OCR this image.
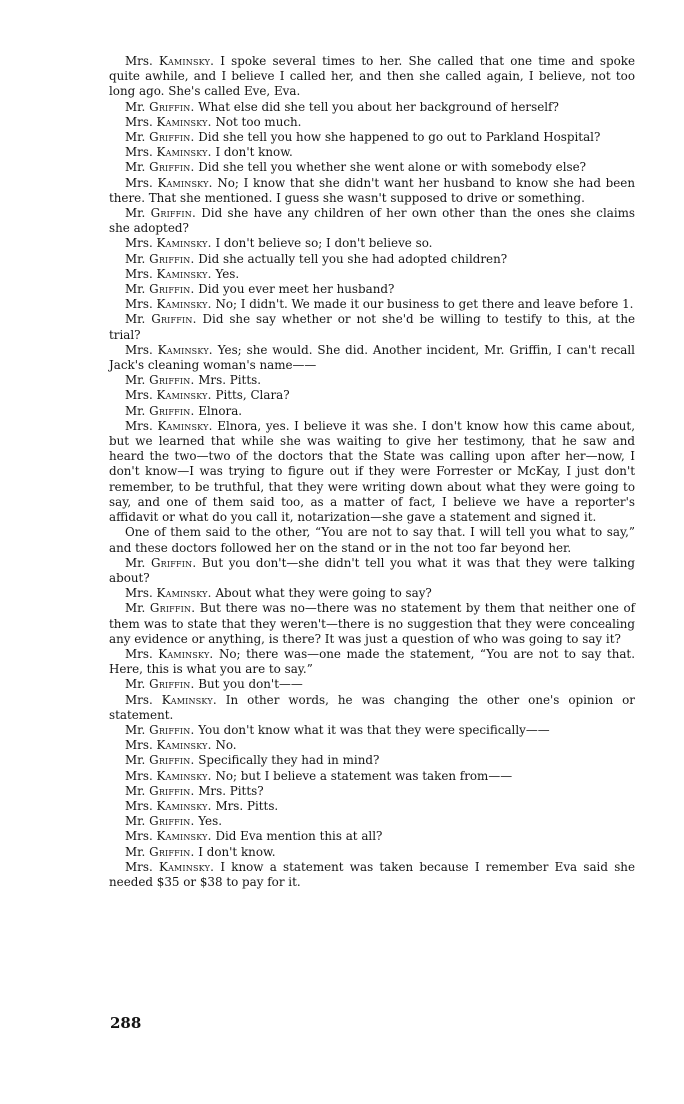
Mrs. Kaminsky. I spoke several times to her. She called that one time and spoke quite awhile, and I believe I called her, and then she called again, I believe, not too long ago. She's called Eve, Eva.

Mr. Griffin. What else did she tell you about her background of herself?

Mrs. Kaminsky. Not too much.

Mr. Griffin. Did she tell you how she happened to go out to Parkland Hospital?

Mrs. Kaminsky. I don't know.

Mr. Griffin. Did she tell you whether she went alone or with somebody else?

Mrs. Kaminsky. No; I know that she didn't want her husband to know she had been there. That she mentioned. I guess she wasn't supposed to drive or something.

Mr. Griffin. Did she have any children of her own other than the ones she claims she adopted?

Mrs. Kaminsky. I don't believe so; I don't believe so.

Mr. Griffin. Did she actually tell you she had adopted children?

Mrs. Kaminsky. Yes.

Mr. Griffin. Did you ever meet her husband?

Mrs. Kaminsky. No; I didn't. We made it our business to get there and leave before 1.

Mr. Griffin. Did she say whether or not she'd be willing to testify to this, at the trial?

Mrs. Kaminsky. Yes; she would. She did. Another incident, Mr. Griffin, I can't recall Jack's cleaning woman's name——

Mr. Griffin. Mrs. Pitts.

Mrs. Kaminsky. Pitts, Clara?

Mr. Griffin. Elnora.

Mrs. Kaminsky. Elnora, yes. I believe it was she. I don't know how this came about, but we learned that while she was waiting to give her testimony, that he saw and heard the two—two of the doctors that the State was calling upon after her—now, I don't know—I was trying to figure out if they were Forrester or McKay, I just don't remember, to be truthful, that they were writing down about what they were going to say, and one of them said too, as a matter of fact, I believe we have a reporter's affidavit or what do you call it, notarization—she gave a statement and signed it.

One of them said to the other, “You are not to say that. I will tell you what to say,” and these doctors followed her on the stand or in the not too far beyond her.

Mr. Griffin. But you don't—she didn't tell you what it was that they were talking about?

Mrs. Kaminsky. About what they were going to say?

Mr. Griffin. But there was no—there was no statement by them that neither one of them was to state that they weren't—there is no suggestion that they were concealing any evidence or anything, is there? It was just a question of who was going to say it?

Mrs. Kaminsky. No; there was—one made the statement, “You are not to say that. Here, this is what you are to say.”

Mr. Griffin. But you don't——

Mrs. Kaminsky. In other words, he was changing the other one's opinion or statement.

Mr. Griffin. You don't know what it was that they were specifically——

Mrs. Kaminsky. No.

Mr. Griffin. Specifically they had in mind?

Mrs. Kaminsky. No; but I believe a statement was taken from——

Mr. Griffin. Mrs. Pitts?

Mrs. Kaminsky. Mrs. Pitts.

Mr. Griffin. Yes.

Mrs. Kaminsky. Did Eva mention this at all?

Mr. Griffin. I don't know.

Mrs. Kaminsky. I know a statement was taken because I remember Eva said she needed $35 or $38 to pay for it.

288
